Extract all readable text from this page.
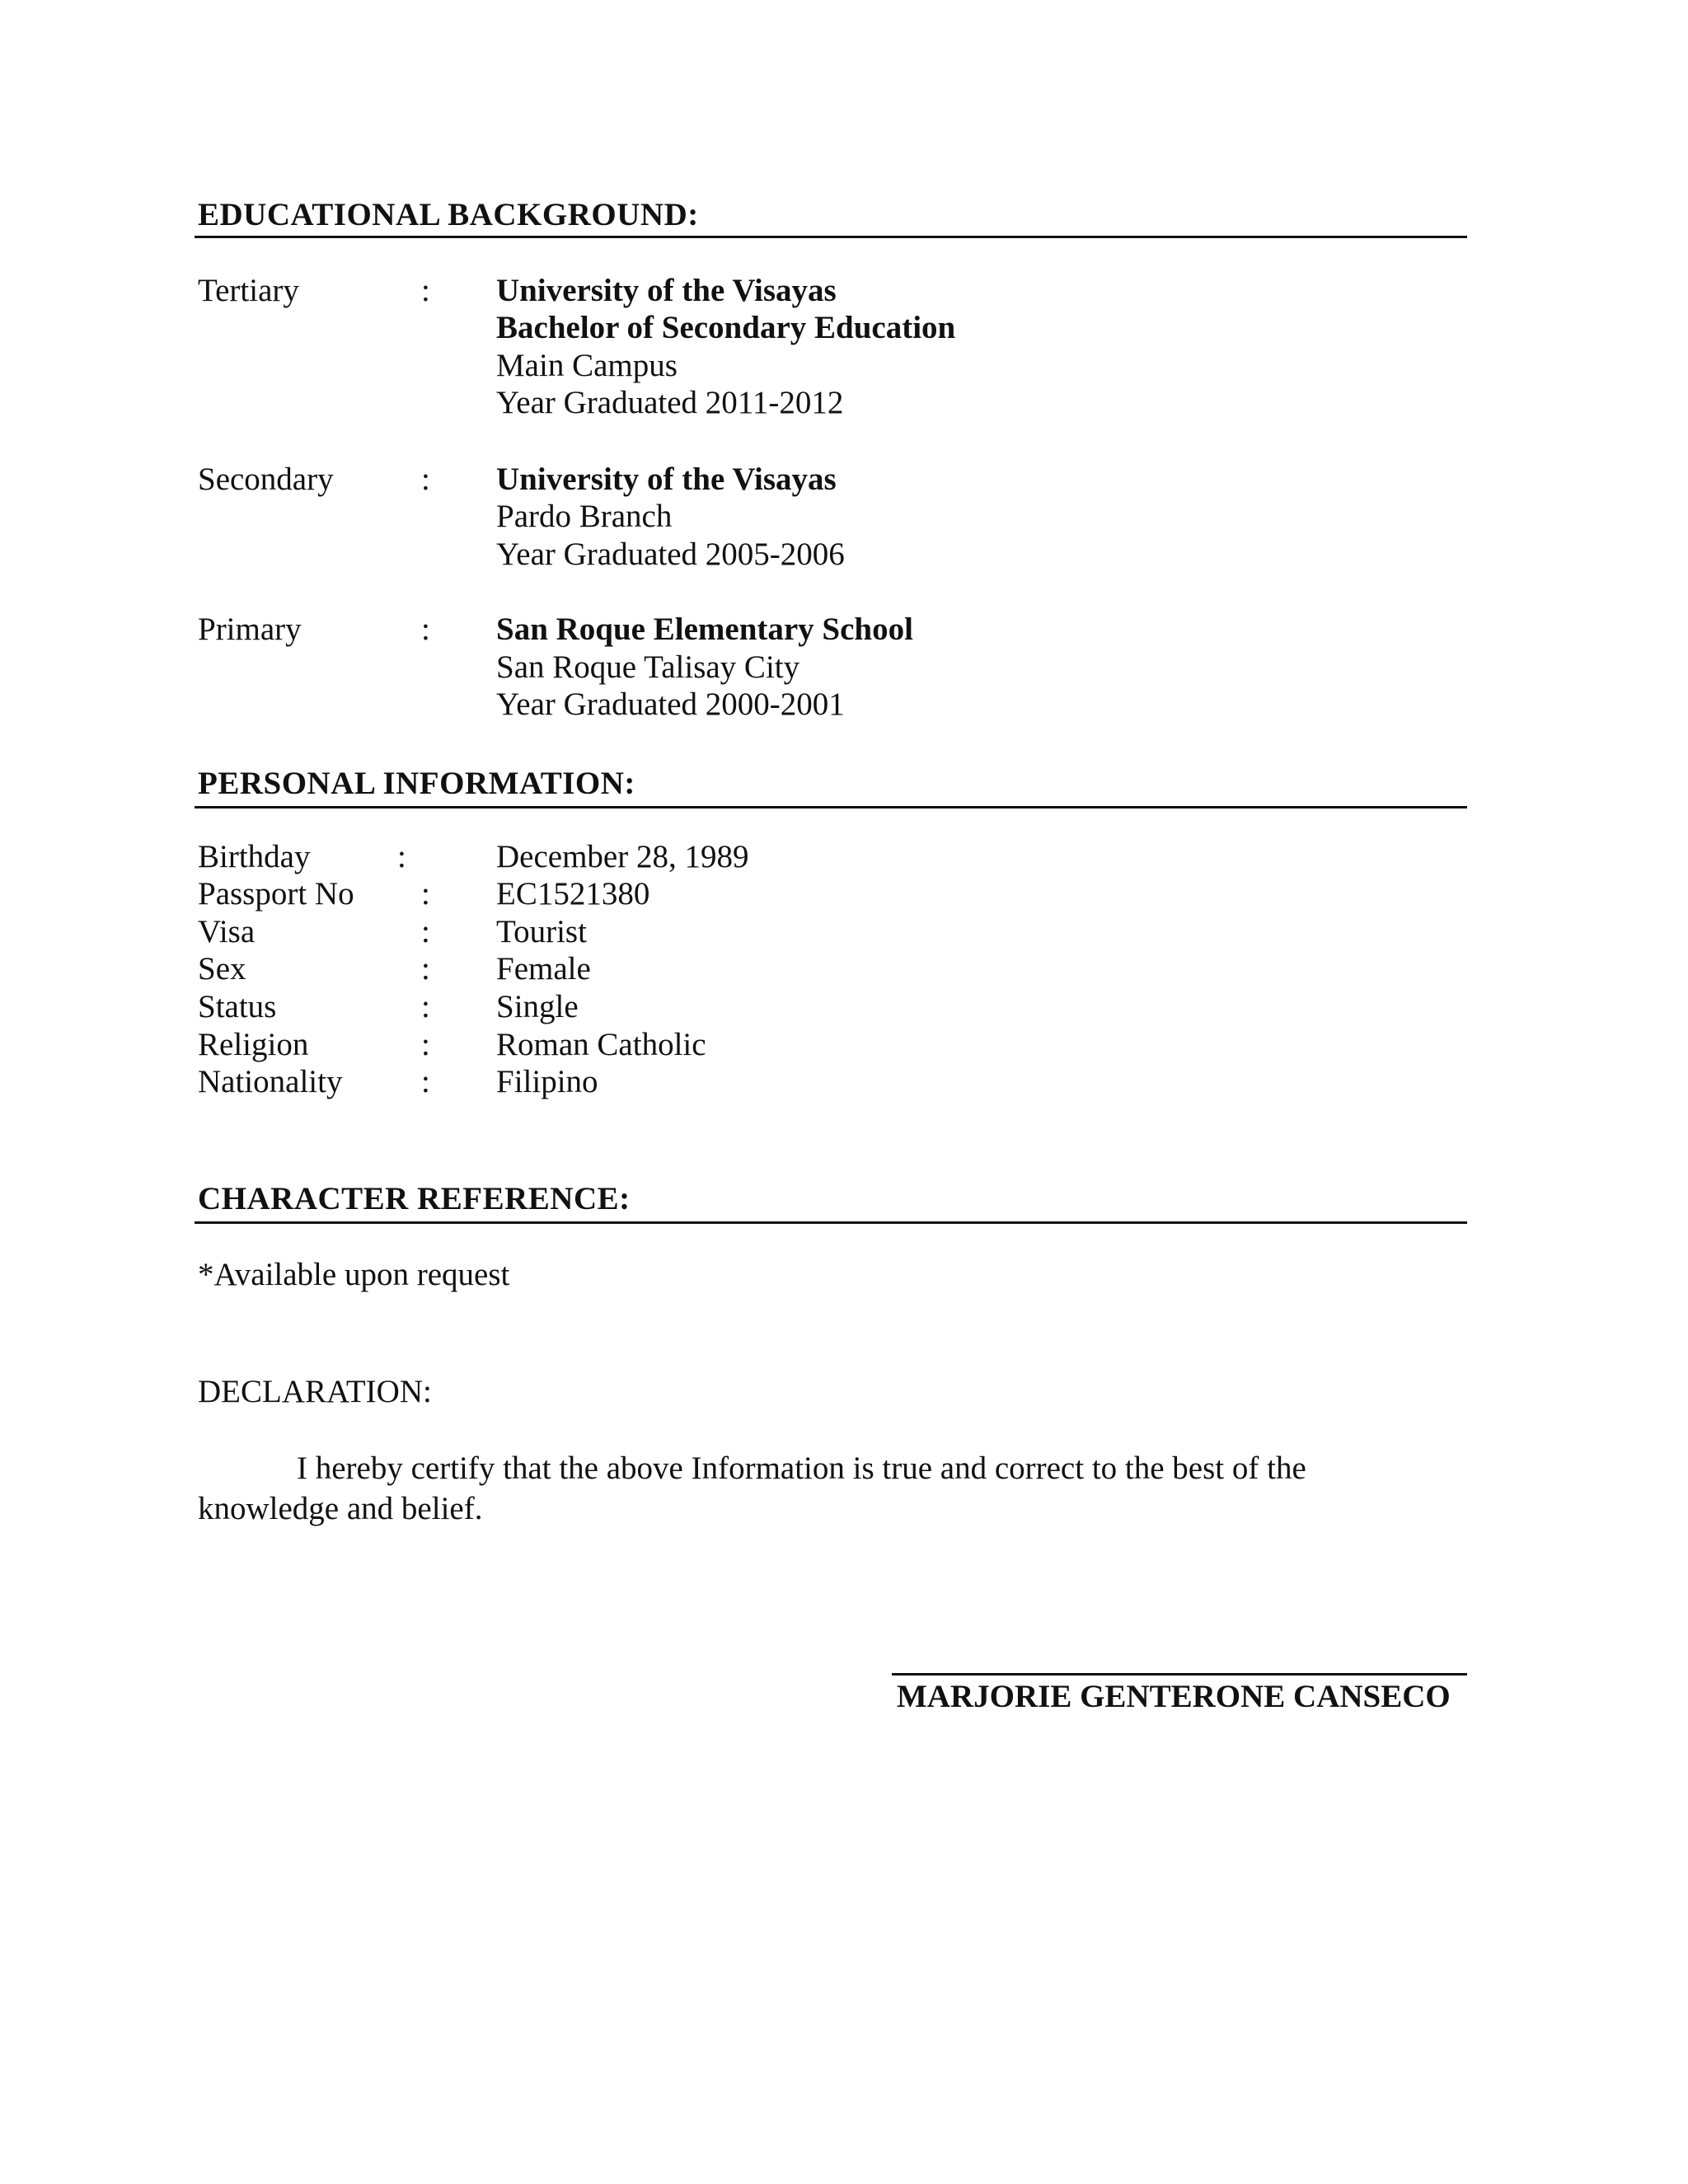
EDUCATIONAL BACKGROUND:
Tertiary	: University of the Visayas
Bachelor of Secondary Education
Main Campus
Year Graduated 2011-2012
Secondary	: University of the Visayas
Pardo Branch
Year Graduated 2005-2006
Primary	: San Roque Elementary School
San Roque Talisay City
Year Graduated 2000-2001
PERSONAL INFORMATION:
Birthday	:	December 28, 1989
Passport No : EC1521380
Visa	: Tourist
Sex	: Female
Status	: Single
Religion	: Roman Catholic
Nationality : Filipino
CHARACTER REFERENCE:
*Available upon request
DECLARATION:
I hereby certify that the above Information is true and correct to the best of the
knowledge and belief.
MARJORIE GENTERONE CANSECO
